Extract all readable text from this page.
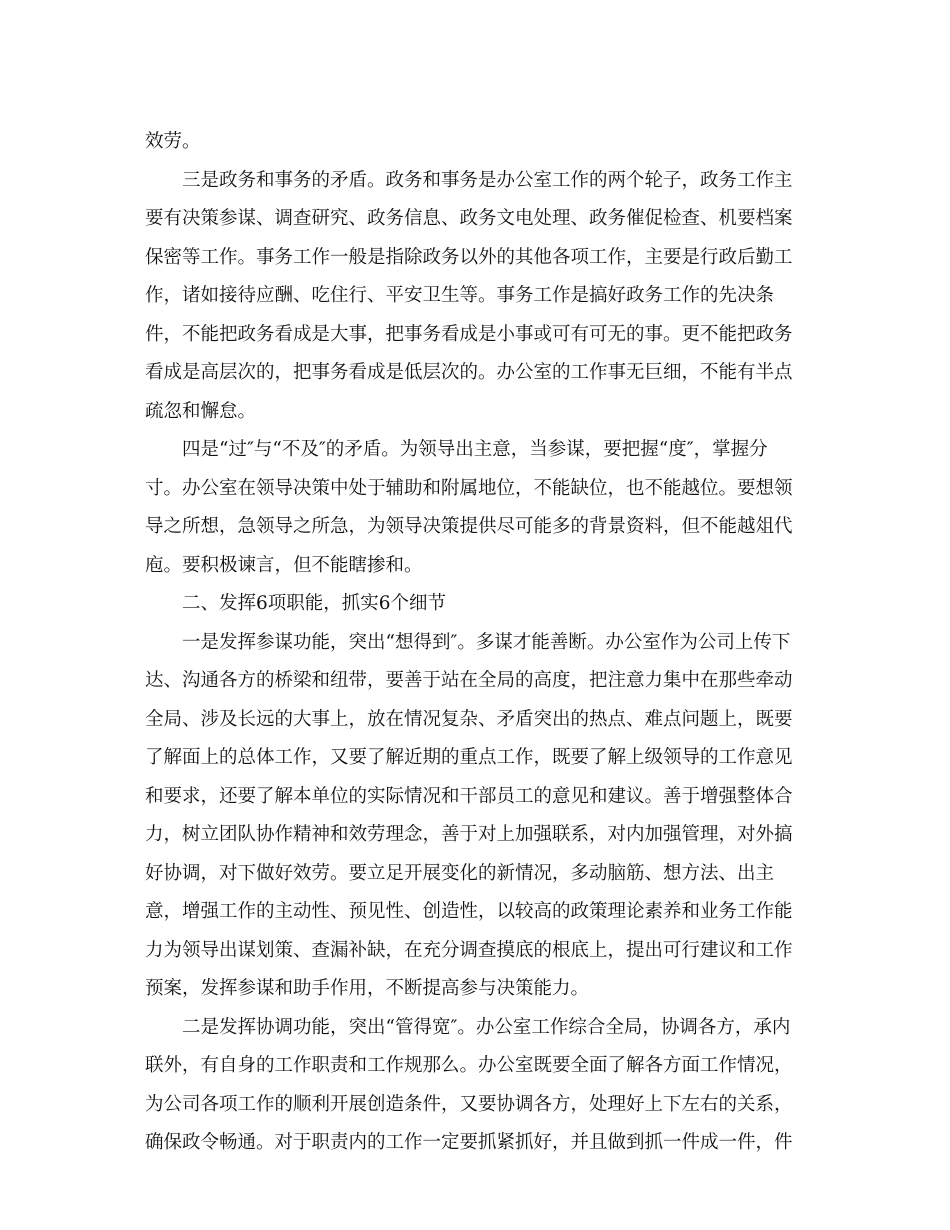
效劳。
三是政务和事务的矛盾。政务和事务是办公室工作的两个轮子，政务工作主
要有决策参谋、调查研究、政务信息、政务文电处理、政务催促检查、机要档案
保密等工作。事务工作一般是指除政务以外的其他各项工作，主要是行政后勤工
作，诸如接待应酬、吃住行、平安卫生等。事务工作是搞好政务工作的先决条
件，不能把政务看成是大事，把事务看成是小事或可有可无的事。更不能把政务
看成是高层次的，把事务看成是低层次的。办公室的工作事无巨细，不能有半点
疏忽和懈怠。
四是“过″与“不及″的矛盾。为领导出主意，当参谋，要把握“度″，掌握分
寸。办公室在领导决策中处于辅助和附属地位，不能缺位，也不能越位。要想领
导之所想，急领导之所急，为领导决策提供尽可能多的背景资料，但不能越俎代
庖。要积极谏言，但不能瞎掺和。
二、发挥6项职能，抓实6个细节
一是发挥参谋功能，突出“想得到″。多谋才能善断。办公室作为公司上传下
达、沟通各方的桥梁和纽带，要善于站在全局的高度，把注意力集中在那些牵动
全局、涉及长远的大事上，放在情况复杂、矛盾突出的热点、难点问题上，既要
了解面上的总体工作，又要了解近期的重点工作，既要了解上级领导的工作意见
和要求，还要了解本单位的实际情况和干部员工的意见和建议。善于增强整体合
力，树立团队协作精神和效劳理念，善于对上加强联系，对内加强管理，对外搞
好协调，对下做好效劳。要立足开展变化的新情况，多动脑筋、想方法、出主
意，增强工作的主动性、预见性、创造性，以较高的政策理论素养和业务工作能
力为领导出谋划策、查漏补缺，在充分调查摸底的根底上，提出可行建议和工作
预案，发挥参谋和助手作用，不断提高参与决策能力。
二是发挥协调功能，突出“管得宽″。办公室工作综合全局，协调各方，承内
联外，有自身的工作职责和工作规那么。办公室既要全面了解各方面工作情况，
为公司各项工作的顺利开展创造条件，又要协调各方，处理好上下左右的关系，
确保政令畅通。对于职责内的工作一定要抓紧抓好，并且做到抓一件成一件，件
